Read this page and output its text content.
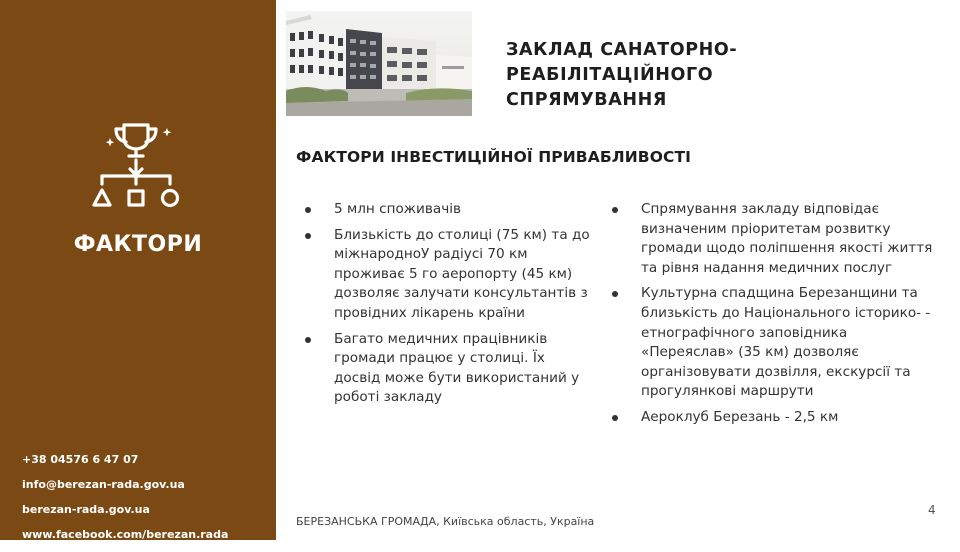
ФАКТОРИ
+38 04576 6 47 07
info@berezan-rada.gov.ua
berezan-rada.gov.ua
www.facebook.com/berezan.rada
ЗАКЛАД САНАТОРНО-
РЕАБІЛІТАЦІЙНОГО
СПРЯМУВАННЯ
ФАКТОРИ ІНВЕСТИЦІЙНОЇ ПРИВАБЛИВОСТІ
5 млн споживачів
Близькість до столиці (75 км) та до міжнародноУ радіусі 70 км проживає 5 го аеропорту (45 км) дозволяє залучати консультантів з провідних лікарень країни
Багато медичних працівників громади працює у столиці. Їх досвід може бути використаний у роботі закладу
Спрямування закладу відповідає визначеним пріоритетам розвитку громади щодо поліпшення якості життя та рівня надання медичних послуг
Культурна спадщина Березанщини та близькість до Національного історико- - етнографічного заповідника «Переяслав» (35 км) дозволяє організовувати дозвілля, екскурсії та прогулянкові маршрути
Аероклуб Березань - 2,5 км
БЕРЕЗАНСЬКА ГРОМАДА, Київська область, Україна
4
